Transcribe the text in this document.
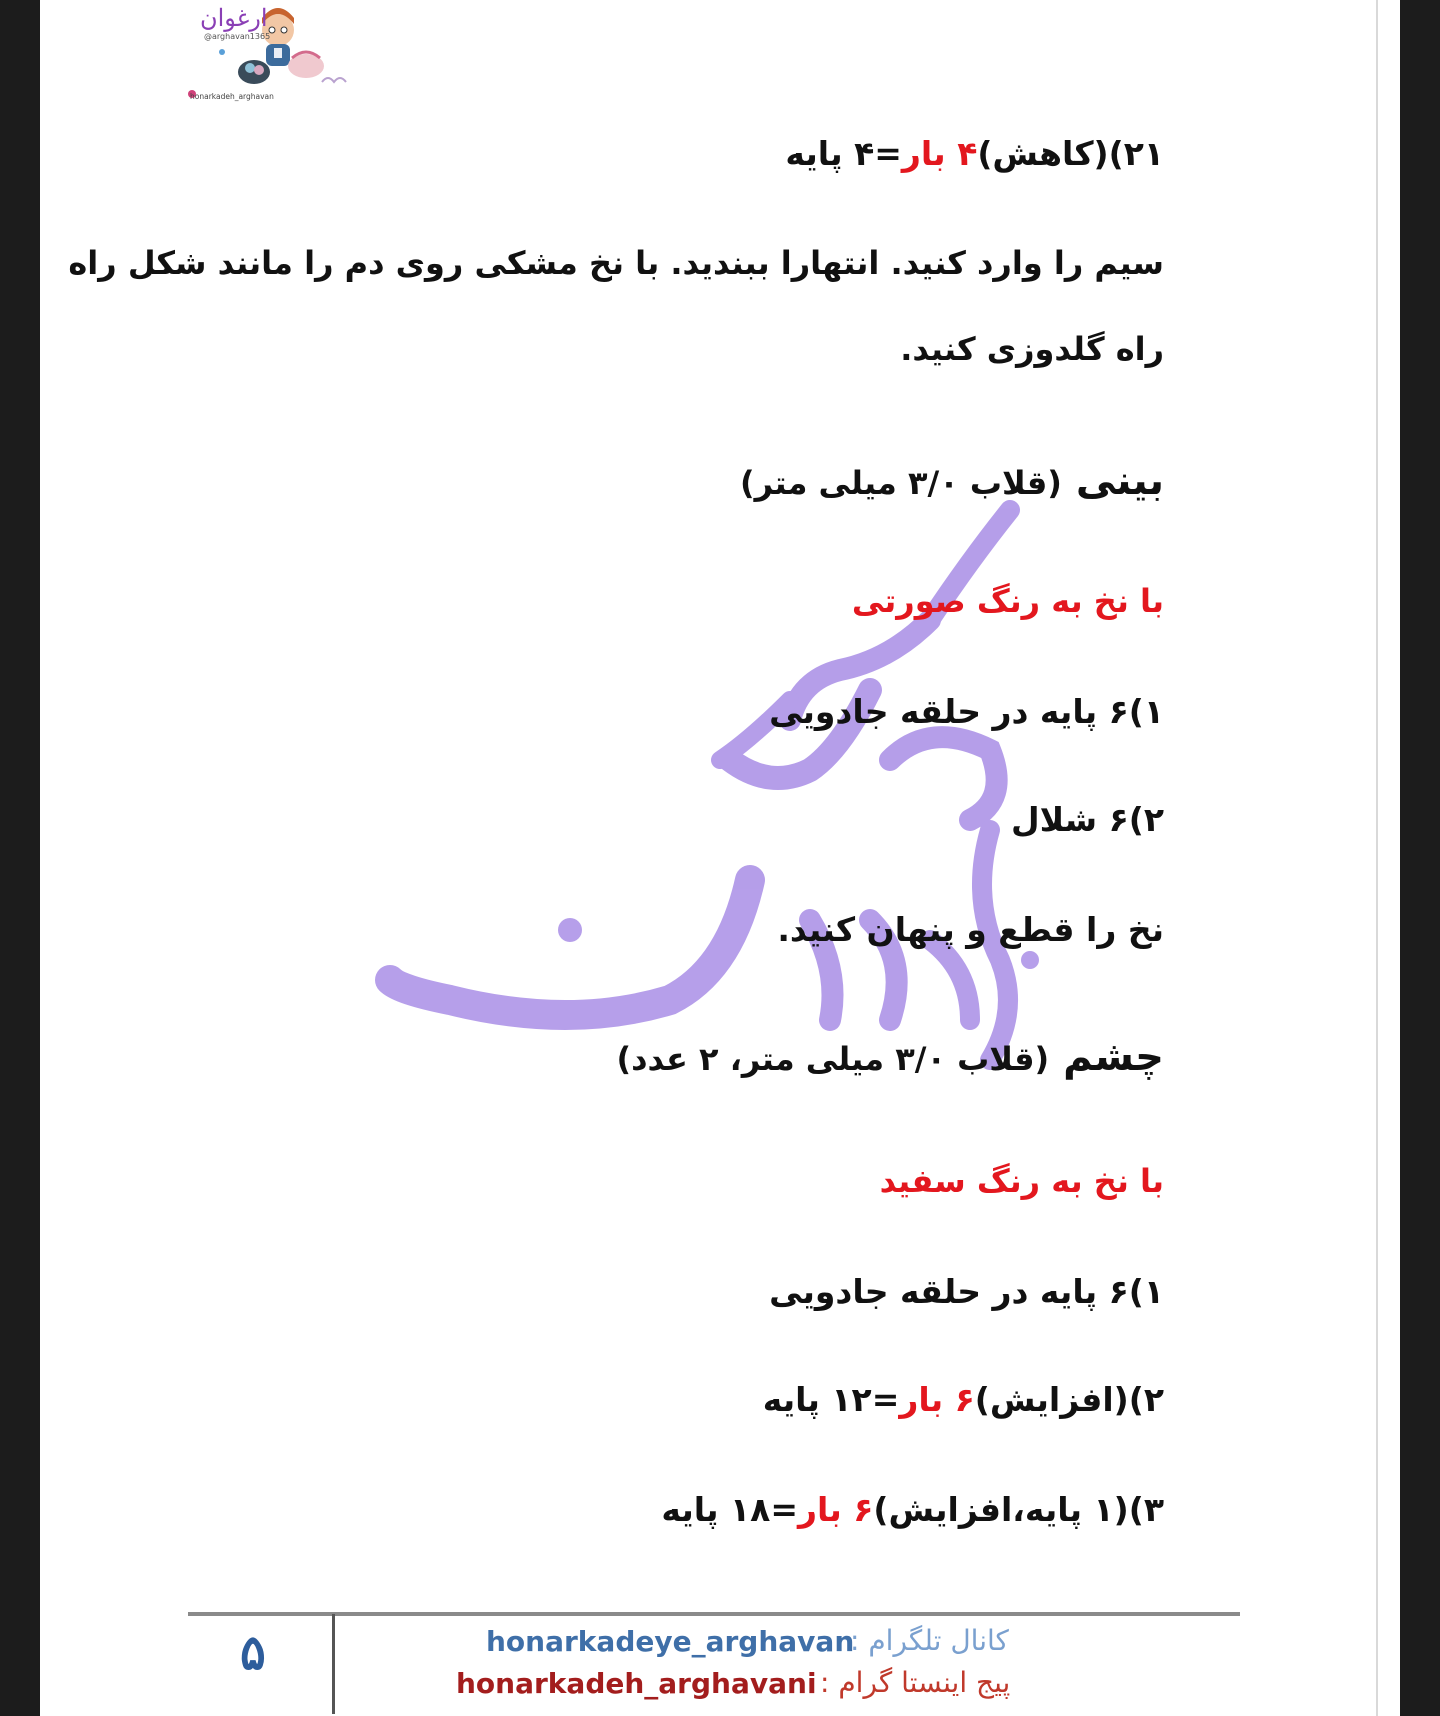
ارغوان
@arghavan1365
honarkadeh_arghavan
۲۱)(کاهش)۴ بار=۴ پایه
سیم را وارد کنید. انتهارا ببندید. با نخ مشکی روی دم را مانند شکل راه
راه گلدوزی کنید.
بینی (قلاب ۳/۰ میلی متر)
با نخ به رنگ صورتی
۱)۶ پایه در حلقه جادویی
۲)۶ شلال
نخ را قطع و پنهان کنید.
چشم (قلاب ۳/۰ میلی متر، ۲ عدد)
با نخ به رنگ سفید
۱)۶ پایه در حلقه جادویی
۲)(افزایش)۶ بار=۱۲ پایه
۳)(۱ پایه،افزایش)۶ بار=۱۸ پایه
۵	honarkadeye_arghavan
کانال تلگرام :
honarkadeh_arghavani پیج اینستا گرام :
